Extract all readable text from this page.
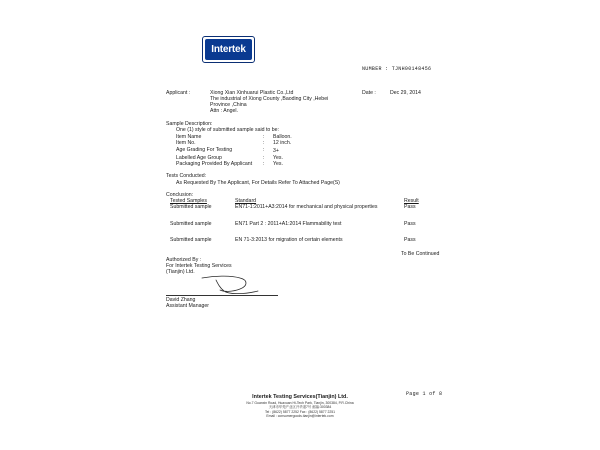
Intertek
NUMBER : TJNH00148456
Applicant :	Xiong Xian Xinhuarui Plastic Co.,Ltd
The industrial of Xiong County ,Baoding City ,Hebei
Province ,China
Attn : Angel.
Date :	Dec 29, 2014
Sample Description:
One (1) style of submitted sample said to be:
Item Name	: Balloon.
Item No.	: 12 inch.
Age Grading For Testing	: 3+
Labelled Age Group	: Yes.
Packaging Provided By Applicant : Yes.
Tests Conducted:
As Requested By The Applicant, For Details Refer To Attached Page(S)
Conclusion:
Tested Samples	Standard	Result
Submitted sample	EN71-1:2011+A3:2014 for mechanical and physical properties	Pass
Submitted sample	EN71 Part 2 : 2011+A1:2014 Flammability test	Pass
Submitted sample	EN 71-3:2013 for migration of certain elements	Pass
To Be Continued
Authorized By :
For Intertek Testing Services
(Tianjin) Ltd.
David Zhang
Assistant Manager
Page 1 of 8
Intertek Testing Services(Tianjin) Ltd.
No.7 Guanxin Road, Huaxuan Hi-Tech Park, Tianjin, 300384, P.R.China
天津市华苑产业区开华道7号 邮编:300384
Tel : (8622) 5877 2252 Fax : (8622) 5877 2251
Email : consumergoods.tianjin@intertek.com
